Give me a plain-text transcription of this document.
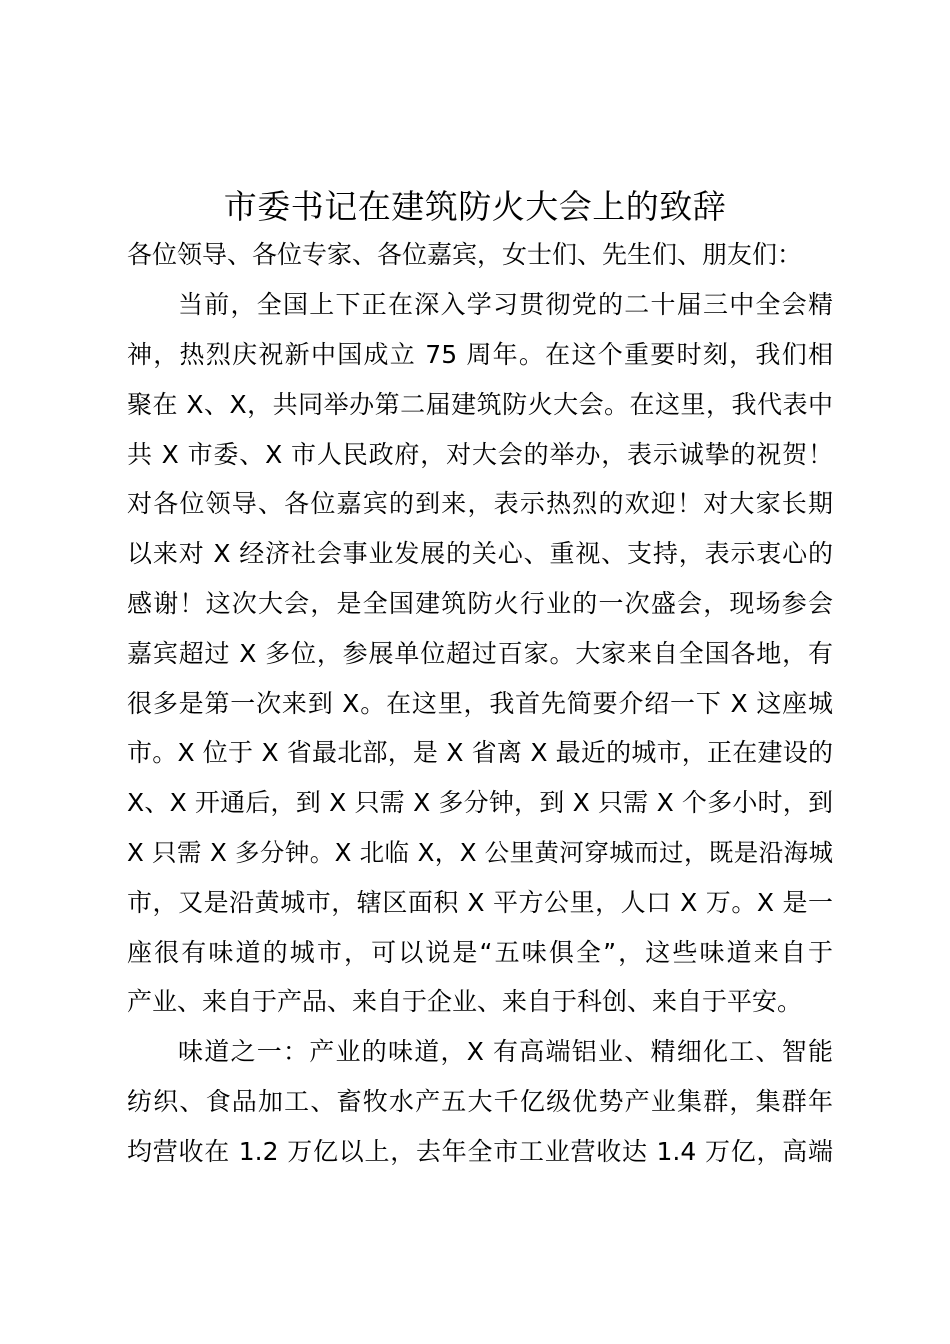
市委书记在建筑防火大会上的致辞
各位领导、各位专家、各位嘉宾，女士们、先生们、朋友们：
当前，全国上下正在深入学习贯彻党的二十届三中全会精
神，热烈庆祝新中国成立 75 周年。在这个重要时刻，我们相
聚在 X、X，共同举办第二届建筑防火大会。在这里，我代表中
共 X 市委、X 市人民政府，对大会的举办，表示诚挚的祝贺！
对各位领导、各位嘉宾的到来，表示热烈的欢迎！对大家长期
以来对 X 经济社会事业发展的关心、重视、支持，表示衷心的
感谢！这次大会，是全国建筑防火行业的一次盛会，现场参会
嘉宾超过 X 多位，参展单位超过百家。大家来自全国各地，有
很多是第一次来到 X。在这里，我首先简要介绍一下 X 这座城
市。X 位于 X 省最北部，是 X 省离 X 最近的城市，正在建设的
X、X 开通后，到 X 只需 X 多分钟，到 X 只需 X 个多小时，到
X 只需 X 多分钟。X 北临 X，X 公里黄河穿城而过，既是沿海城
市，又是沿黄城市，辖区面积 X 平方公里，人口 X 万。X 是一
座很有味道的城市，可以说是“五味俱全”，这些味道来自于
产业、来自于产品、来自于企业、来自于科创、来自于平安。
味道之一：产业的味道，X 有高端铝业、精细化工、智能
纺织、食品加工、畜牧水产五大千亿级优势产业集群，集群年
均营收在 1.2 万亿以上，去年全市工业营收达 1.4 万亿，高端
